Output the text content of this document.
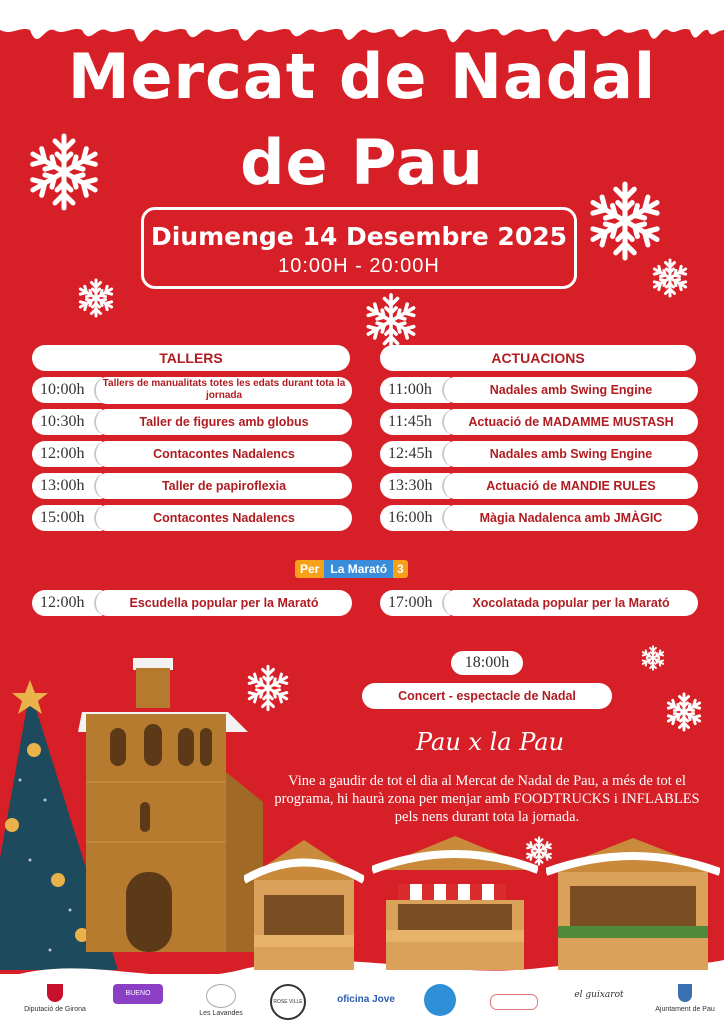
Mercat de Nadal
de Pau
Diumenge 14 Desembre 2025
10:00H - 20:00H
TALLERS
10:00h	Tallers de manualitats totes les edats durant tota la jornada
10:30h	Taller de figures amb globus
12:00h	Contacontes Nadalencs
13:00h	Taller de papiroflexia
15:00h	Contacontes Nadalencs
ACTUACIONS
11:00h	Nadales amb Swing Engine
11:45h	Actuació de MADAMME MUSTASH
12:45h	Nadales amb Swing Engine
13:30h	Actuació de MANDIE RULES
16:00h	Màgia Nadalenca amb JMÀGIC
Per La Marató 3
12:00h	Escudella popular per la Marató	17:00h	Xocolatada popular per la Marató
18:00h
Concert - espectacle de Nadal
Pau x la Pau
Vine a gaudir de tot el dia al Mercat de Nadal de Pau, a més de tot el programa, hi haurà zona per menjar amb FOODTRUCKS i INFLABLES pels nens durant tota la jornada.
Diputació de Girona
BUENO DANCE	Les Lavandes
ROSE VILLE	oficina Jove	el guixarot
Ajuntament de Pau
